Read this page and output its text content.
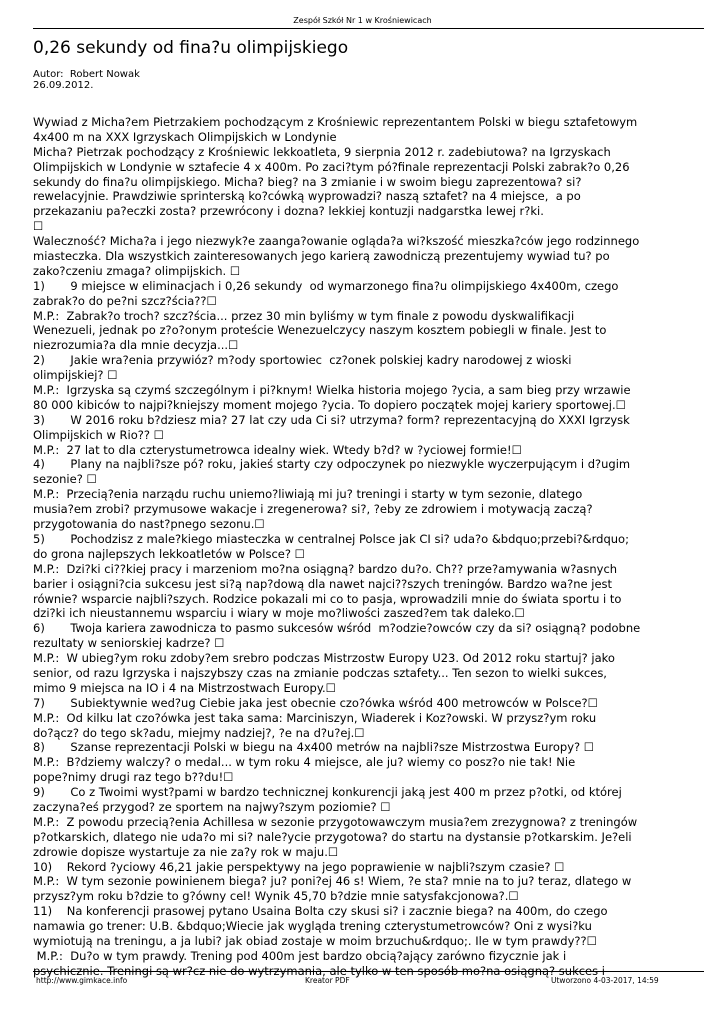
Zespół Szkół Nr 1 w Krośniewicach
0,26 sekundy od fina?u olimpijskiego
Autor:  Robert Nowak
26.09.2012.
Wywiad z Micha?em Pietrzakiem pochodzącym z Krośniewic reprezentantem Polski w biegu sztafetowym
4x400 m na XXX Igrzyskach Olimpijskich w Londynie
Micha? Pietrzak pochodzący z Krośniewic lekkoatleta, 9 sierpnia 2012 r. zadebiutowa? na Igrzyskach
Olimpijskich w Londynie w sztafecie 4 x 400m. Po zaci?tym pó?finale reprezentacji Polski zabrak?o 0,26
sekundy do fina?u olimpijskiego. Micha? bieg? na 3 zmianie i w swoim biegu zaprezentowa? si?
rewelacyjnie. Prawdziwie sprinterską ko?cówką wyprowadzi? naszą sztafet? na 4 miejsce,  a po
przekazaniu pa?eczki zosta? przewrócony i dozna? lekkiej kontuzji nadgarstka lewej r?ki.
☐
Waleczność? Micha?a i jego niezwyk?e zaanga?owanie ogląda?a wi?kszość mieszka?ców jego rodzinnego
miasteczka. Dla wszystkich zainteresowanych jego karierą zawodniczą prezentujemy wywiad tu? po
zako?czeniu zmaga? olimpijskich. ☐
1)       9 miejsce w eliminacjach i 0,26 sekundy  od wymarzonego fina?u olimpijskiego 4x400m, czego
zabrak?o do pe?ni szcz?ścia??☐
M.P.:  Zabrak?o troch? szcz?ścia... przez 30 min byliśmy w tym finale z powodu dyskwalifikacji
Wenezueli, jednak po z?o?onym proteście Wenezuelczycy naszym kosztem pobiegli w finale. Jest to
niezrozumia?a dla mnie decyzja...☐
2)       Jakie wra?enia przywióz? m?ody sportowiec  cz?onek polskiej kadry narodowej z wioski
olimpijskiej? ☐
M.P.:  Igrzyska są czymś szczególnym i pi?knym! Wielka historia mojego ?ycia, a sam bieg przy wrzawie
80 000 kibiców to najpi?kniejszy moment mojego ?ycia. To dopiero początek mojej kariery sportowej.☐
3)       W 2016 roku b?dziesz mia? 27 lat czy uda Ci si? utrzyma? form? reprezentacyjną do XXXI Igrzysk
Olimpijskich w Rio?? ☐
M.P.:  27 lat to dla czterystumetrowca idealny wiek. Wtedy b?d? w ?yciowej formie!☐
4)       Plany na najbli?sze pó? roku, jakieś starty czy odpoczynek po niezwykle wyczerpującym i d?ugim
sezonie? ☐
M.P.:  Przecią?enia narządu ruchu uniemo?liwiają mi ju? treningi i starty w tym sezonie, dlatego
musia?em zrobi? przymusowe wakacje i zregenerowa? si?, ?eby ze zdrowiem i motywacją zaczą?
przygotowania do nast?pnego sezonu.☐
5)       Pochodzisz z male?kiego miasteczka w centralnej Polsce jak CI si? uda?o &bdquo;przebi?&rdquo;
do grona najlepszych lekkoatletów w Polsce? ☐
M.P.:  Dzi?ki ci??kiej pracy i marzeniom mo?na osiągną? bardzo du?o. Ch?? prze?amywania w?asnych
barier i osiągni?cia sukcesu jest si?ą nap?dową dla nawet najci??szych treningów. Bardzo wa?ne jest
równie? wsparcie najbli?szych. Rodzice pokazali mi co to pasja, wprowadzili mnie do świata sportu i to
dzi?ki ich nieustannemu wsparciu i wiary w moje mo?liwości zaszed?em tak daleko.☐
6)       Twoja kariera zawodnicza to pasmo sukcesów wśród  m?odzie?owców czy da si? osiągną? podobne
rezultaty w seniorskiej kadrze? ☐
M.P.:  W ubieg?ym roku zdoby?em srebro podczas Mistrzostw Europy U23. Od 2012 roku startuj? jako
senior, od razu Igrzyska i najszybszy czas na zmianie podczas sztafety... Ten sezon to wielki sukces,
mimo 9 miejsca na IO i 4 na Mistrzostwach Europy.☐
7)       Subiektywnie wed?ug Ciebie jaka jest obecnie czo?ówka wśród 400 metrowców w Polsce?☐
M.P.:  Od kilku lat czo?ówka jest taka sama: Marciniszyn, Wiaderek i Koz?owski. W przysz?ym roku
do?ącz? do tego sk?adu, miejmy nadziej?, ?e na d?u?ej.☐
8)       Szanse reprezentacji Polski w biegu na 4x400 metrów na najbli?sze Mistrzostwa Europy? ☐
M.P.:  B?dziemy walczy? o medal... w tym roku 4 miejsce, ale ju? wiemy co posz?o nie tak! Nie
pope?nimy drugi raz tego b??du!☐
9)       Co z Twoimi wyst?pami w bardzo technicznej konkurencji jaką jest 400 m przez p?otki, od której
zaczyna?eś przygod? ze sportem na najwy?szym poziomie? ☐
M.P.:  Z powodu przecią?enia Achillesa w sezonie przygotowawczym musia?em zrezygnowa? z treningów
p?otkarskich, dlatego nie uda?o mi si? nale?ycie przygotowa? do startu na dystansie p?otkarskim. Je?eli
zdrowie dopisze wystartuje za nie za?y rok w maju.☐
10)    Rekord ?yciowy 46,21 jakie perspektywy na jego poprawienie w najbli?szym czasie? ☐
M.P.:  W tym sezonie powinienem biega? ju? poni?ej 46 s! Wiem, ?e sta? mnie na to ju? teraz, dlatego w
przysz?ym roku b?dzie to g?ówny cel! Wynik 45,70 b?dzie mnie satysfakcjonowa?.☐
11)    Na konferencji prasowej pytano Usaina Bolta czy skusi si? i zacznie biega? na 400m, do czego
namawia go trener: U.B. &bdquo;Wiecie jak wygląda trening czterystumetrowców? Oni z wysi?ku
wymiotują na treningu, a ja lubi? jak obiad zostaje w moim brzuchu&rdquo;. Ile w tym prawdy??☐
M.P.:  Du?o w tym prawdy. Trening pod 400m jest bardzo obcią?ający zarówno fizycznie jak i
psychicznie. Treningi są wr?cz nie do wytrzymania, ale tylko w ten sposób mo?na osiągną? sukces i
http://www.gimkace.info	Kreator PDF	Utworzono 4-03-2017, 14:59
